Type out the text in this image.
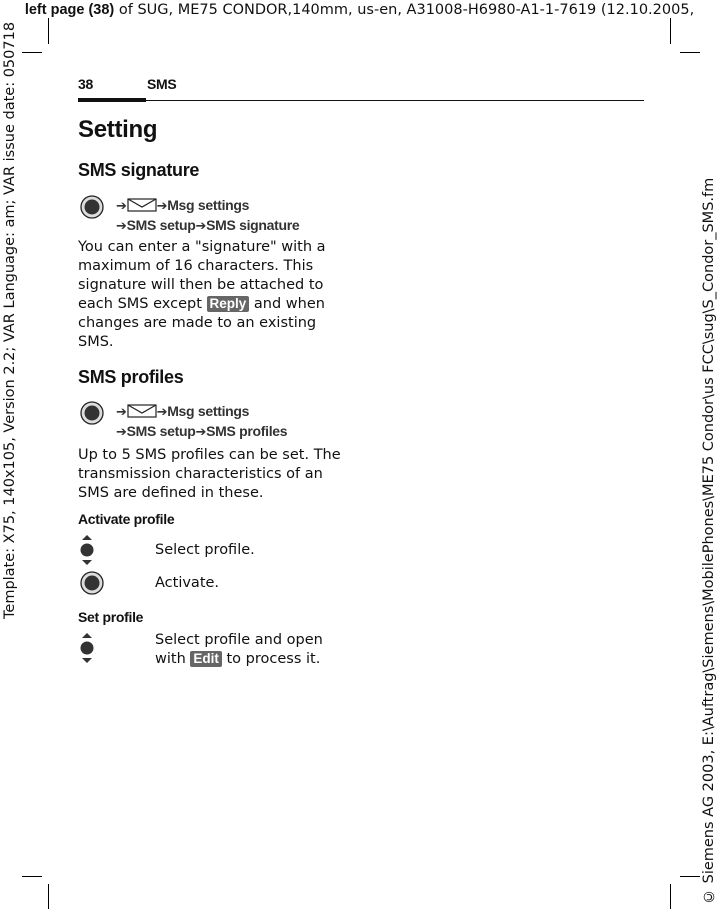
left page (38) of SUG, ME75 CONDOR,140mm, us-en, A31008-H6980-A1-1-7619 (12.10.2005,
Template: X75, 140x105, Version 2.2; VAR Language: am; VAR issue date: 050718	© Siemens AG 2003, E:\Auftrag\Siemens\MobilePhones\ME75 Condor\us FCC\sug\S_Condor_SMS.fm
38	SMS
Setting
SMS signature
➔ ➔Msg settings
➔SMS setup➔SMS signature
You can enter a "signature" with a maximum of 16 characters. This signature will then be attached to each SMS except Reply and when changes are made to an existing SMS.
SMS profiles
➔ ➔Msg settings
➔SMS setup➔SMS profiles
Up to 5 SMS profiles can be set. The transmission characteristics of an SMS are defined in these.
Activate profile
Select profile.
Activate.
Set profile
Select profile and open with Edit to process it.
